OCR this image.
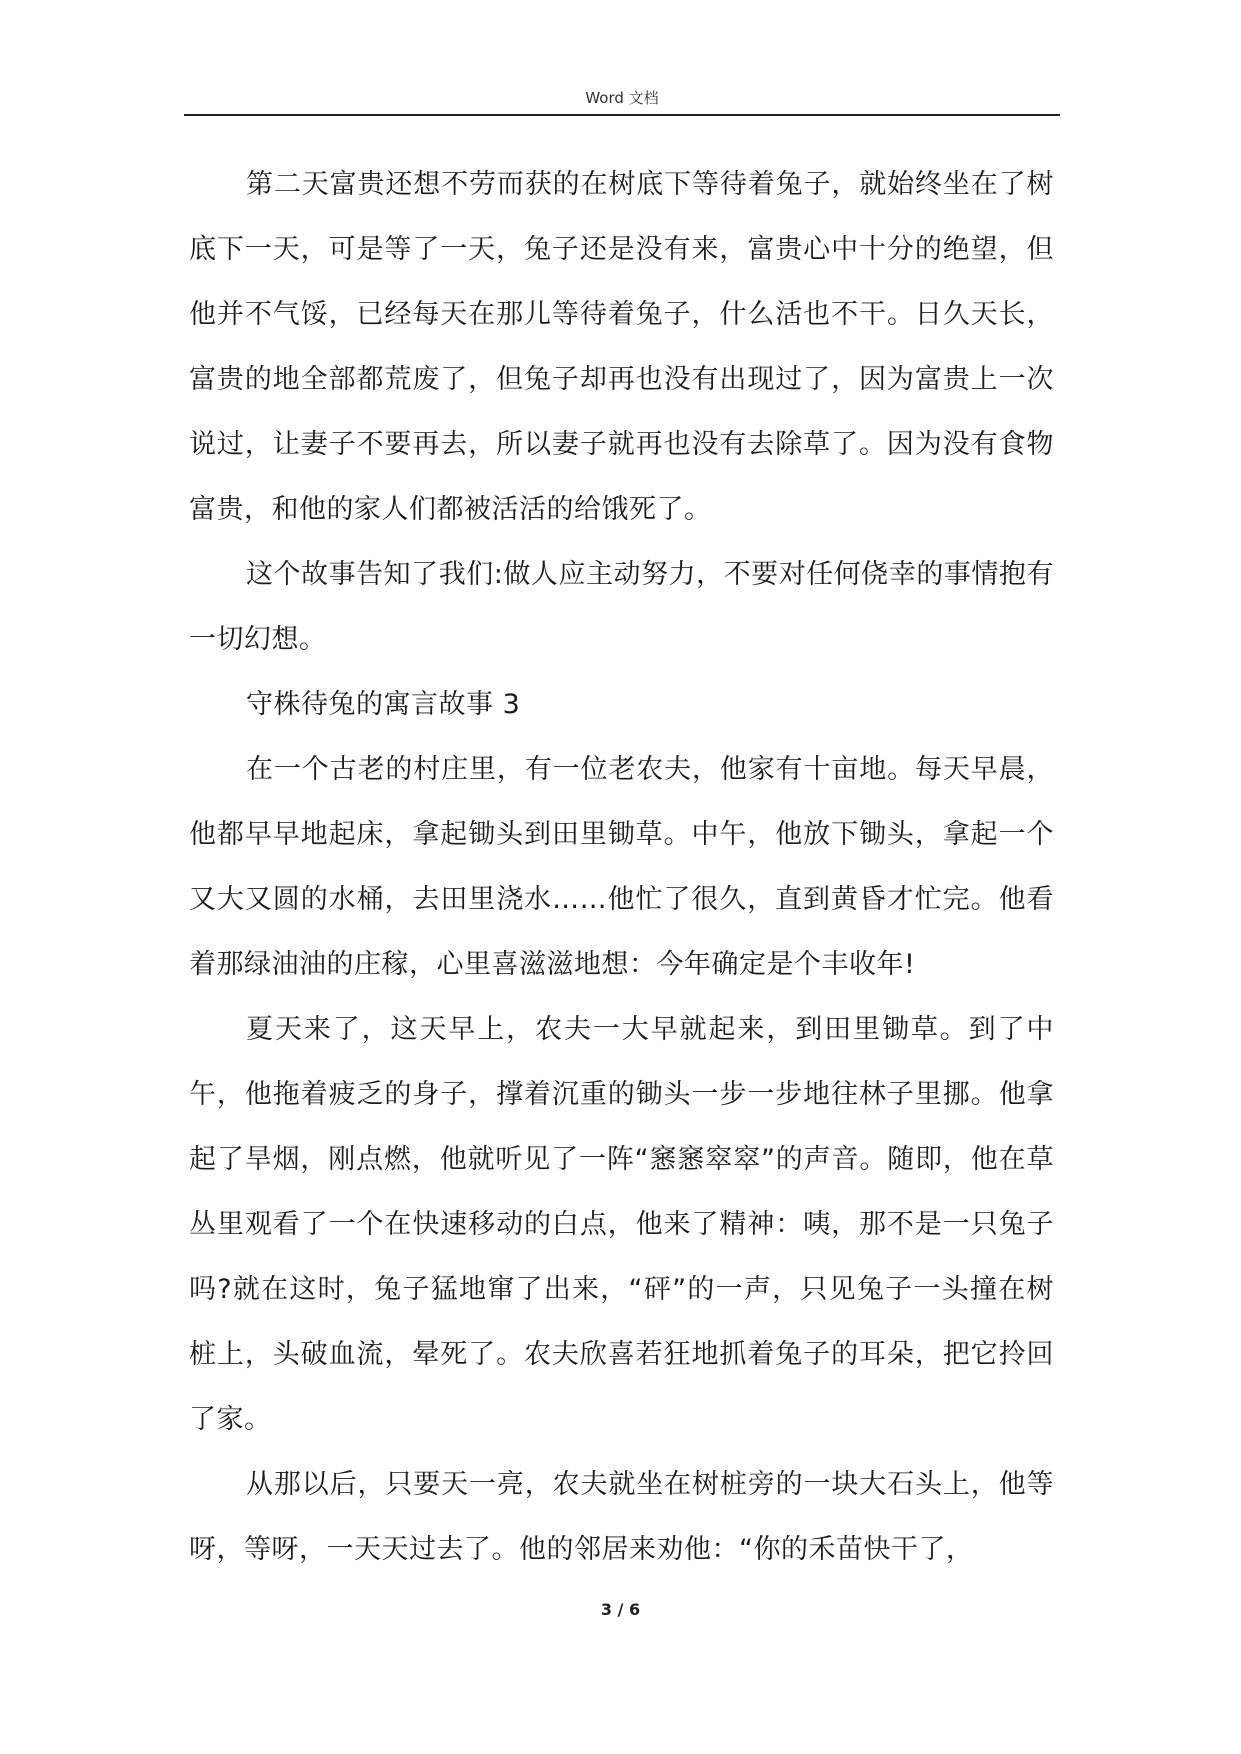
Word 文档

第二天富贵还想不劳而获的在树底下等待着兔子，就始终坐在了树底下一天，可是等了一天，兔子还是没有来，富贵心中十分的绝望，但他并不气馁，已经每天在那儿等待着兔子，什么活也不干。日久天长，富贵的地全部都荒废了，但兔子却再也没有出现过了，因为富贵上一次说过，让妻子不要再去，所以妻子就再也没有去除草了。因为没有食物富贵，和他的家人们都被活活的给饿死了。

这个故事告知了我们:做人应主动努力，不要对任何侥幸的事情抱有一切幻想。

守株待兔的寓言故事 3

在一个古老的村庄里，有一位老农夫，他家有十亩地。每天早晨，他都早早地起床，拿起锄头到田里锄草。中午，他放下锄头，拿起一个又大又圆的水桶，去田里浇水……他忙了很久，直到黄昏才忙完。他看着那绿油油的庄稼，心里喜滋滋地想：今年确定是个丰收年!

夏天来了，这天早上，农夫一大早就起来，到田里锄草。到了中午，他拖着疲乏的身子，撑着沉重的锄头一步一步地往林子里挪。他拿起了旱烟，刚点燃，他就听见了一阵“窸窸窣窣”的声音。随即，他在草丛里观看了一个在快速移动的白点，他来了精神：咦，那不是一只兔子吗?就在这时，兔子猛地窜了出来，“砰”的一声，只见兔子一头撞在树桩上，头破血流，晕死了。农夫欣喜若狂地抓着兔子的耳朵，把它拎回了家。

从那以后，只要天一亮，农夫就坐在树桩旁的一块大石头上，他等呀，等呀，一天天过去了。他的邻居来劝他：“你的禾苗快干了，

3 / 6
